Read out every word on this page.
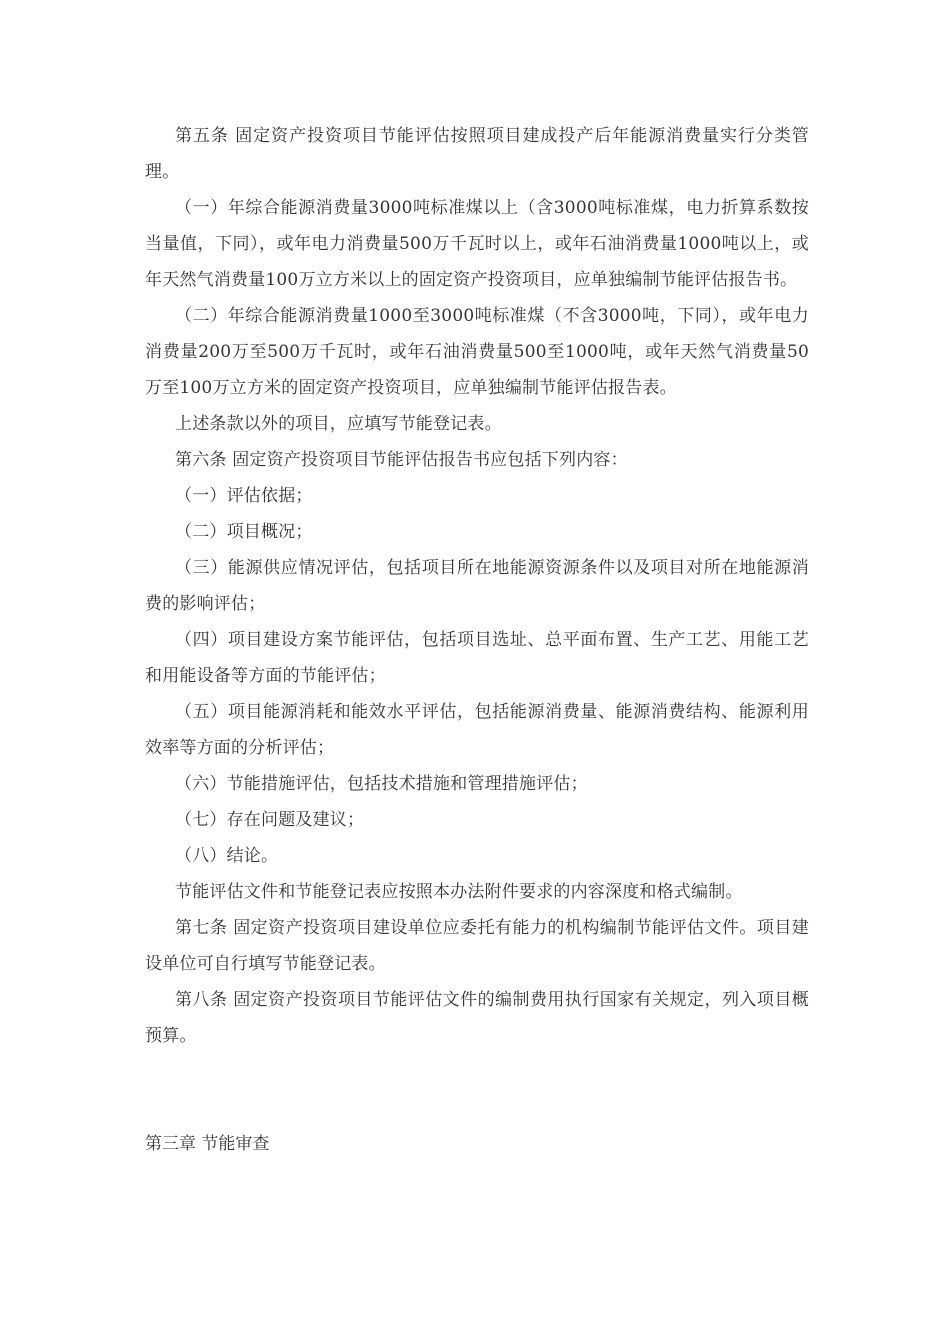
第五条 固定资产投资项目节能评估按照项目建成投产后年能源消费量实行分类管理。

（一）年综合能源消费量3000吨标准煤以上（含3000吨标准煤，电力折算系数按当量值，下同），或年电力消费量500万千瓦时以上，或年石油消费量1000吨以上，或年天然气消费量100万立方米以上的固定资产投资项目，应单独编制节能评估报告书。

（二）年综合能源消费量1000至3000吨标准煤（不含3000吨，下同），或年电力消费量200万至500万千瓦时，或年石油消费量500至1000吨，或年天然气消费量50万至100万立方米的固定资产投资项目，应单独编制节能评估报告表。

上述条款以外的项目，应填写节能登记表。

第六条 固定资产投资项目节能评估报告书应包括下列内容：

（一）评估依据；

（二）项目概况；

（三）能源供应情况评估，包括项目所在地能源资源条件以及项目对所在地能源消费的影响评估；

（四）项目建设方案节能评估，包括项目选址、总平面布置、生产工艺、用能工艺和用能设备等方面的节能评估；

（五）项目能源消耗和能效水平评估，包括能源消费量、能源消费结构、能源利用效率等方面的分析评估；

（六）节能措施评估，包括技术措施和管理措施评估；

（七）存在问题及建议；

（八）结论。

节能评估文件和节能登记表应按照本办法附件要求的内容深度和格式编制。

第七条 固定资产投资项目建设单位应委托有能力的机构编制节能评估文件。项目建设单位可自行填写节能登记表。

第八条 固定资产投资项目节能评估文件的编制费用执行国家有关规定，列入项目概预算。

第三章 节能审查
